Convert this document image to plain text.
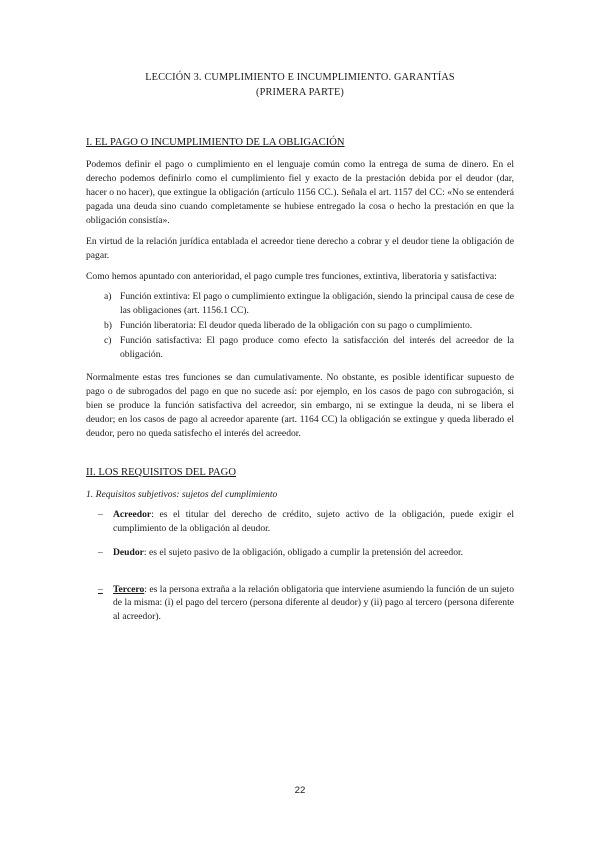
LECCIÓN 3. CUMPLIMIENTO E INCUMPLIMIENTO. GARANTÍAS
(PRIMERA PARTE)
I. EL PAGO O INCUMPLIMIENTO DE LA OBLIGACIÓN

Podemos definir el pago o cumplimiento en el lenguaje común como la entrega de suma de dinero. En el derecho podemos definirlo como el cumplimiento fiel y exacto de la prestación debida por el deudor (dar, hacer o no hacer), que extingue la obligación (artículo 1156 CC.). Señala el art. 1157 del CC: «No se entenderá pagada una deuda sino cuando completamente se hubiese entregado la cosa o hecho la prestación en que la obligación consistía».

En virtud de la relación jurídica entablada el acreedor tiene derecho a cobrar y el deudor tiene la obligación de pagar.

Como hemos apuntado con anterioridad, el pago cumple tres funciones, extintiva, liberatoria y satisfactiva:

a) Función extintiva: El pago o cumplimiento extingue la obligación, siendo la principal causa de cese de las obligaciones (art. 1156.1 CC).
b) Función liberatoria: El deudor queda liberado de la obligación con su pago o cumplimiento.
c) Función satisfactiva: El pago produce como efecto la satisfacción del interés del acreedor de la obligación.

Normalmente estas tres funciones se dan cumulativamente. No obstante, es posible identificar supuesto de pago o de subrogados del pago en que no sucede así: por ejemplo, en los casos de pago con subrogación, si bien se produce la función satisfactiva del acreedor, sin embargo, ni se extingue la deuda, ni se libera el deudor; en los casos de pago al acreedor aparente (art. 1164 CC) la obligación se extingue y queda liberado el deudor, pero no queda satisfecho el interés del acreedor.

II. LOS REQUISITOS DEL PAGO
1. Requisitos subjetivos: sujetos del cumplimiento
– Acreedor: es el titular del derecho de crédito, sujeto activo de la obligación, puede exigir el cumplimiento de la obligación al deudor.
– Deudor: es el sujeto pasivo de la obligación, obligado a cumplir la pretensión del acreedor.
– Tercero: es la persona extraña a la relación obligatoria que interviene asumiendo la función de un sujeto de la misma: (i) el pago del tercero (persona diferente al deudor) y (ii) pago al tercero (persona diferente al acreedor).
22
